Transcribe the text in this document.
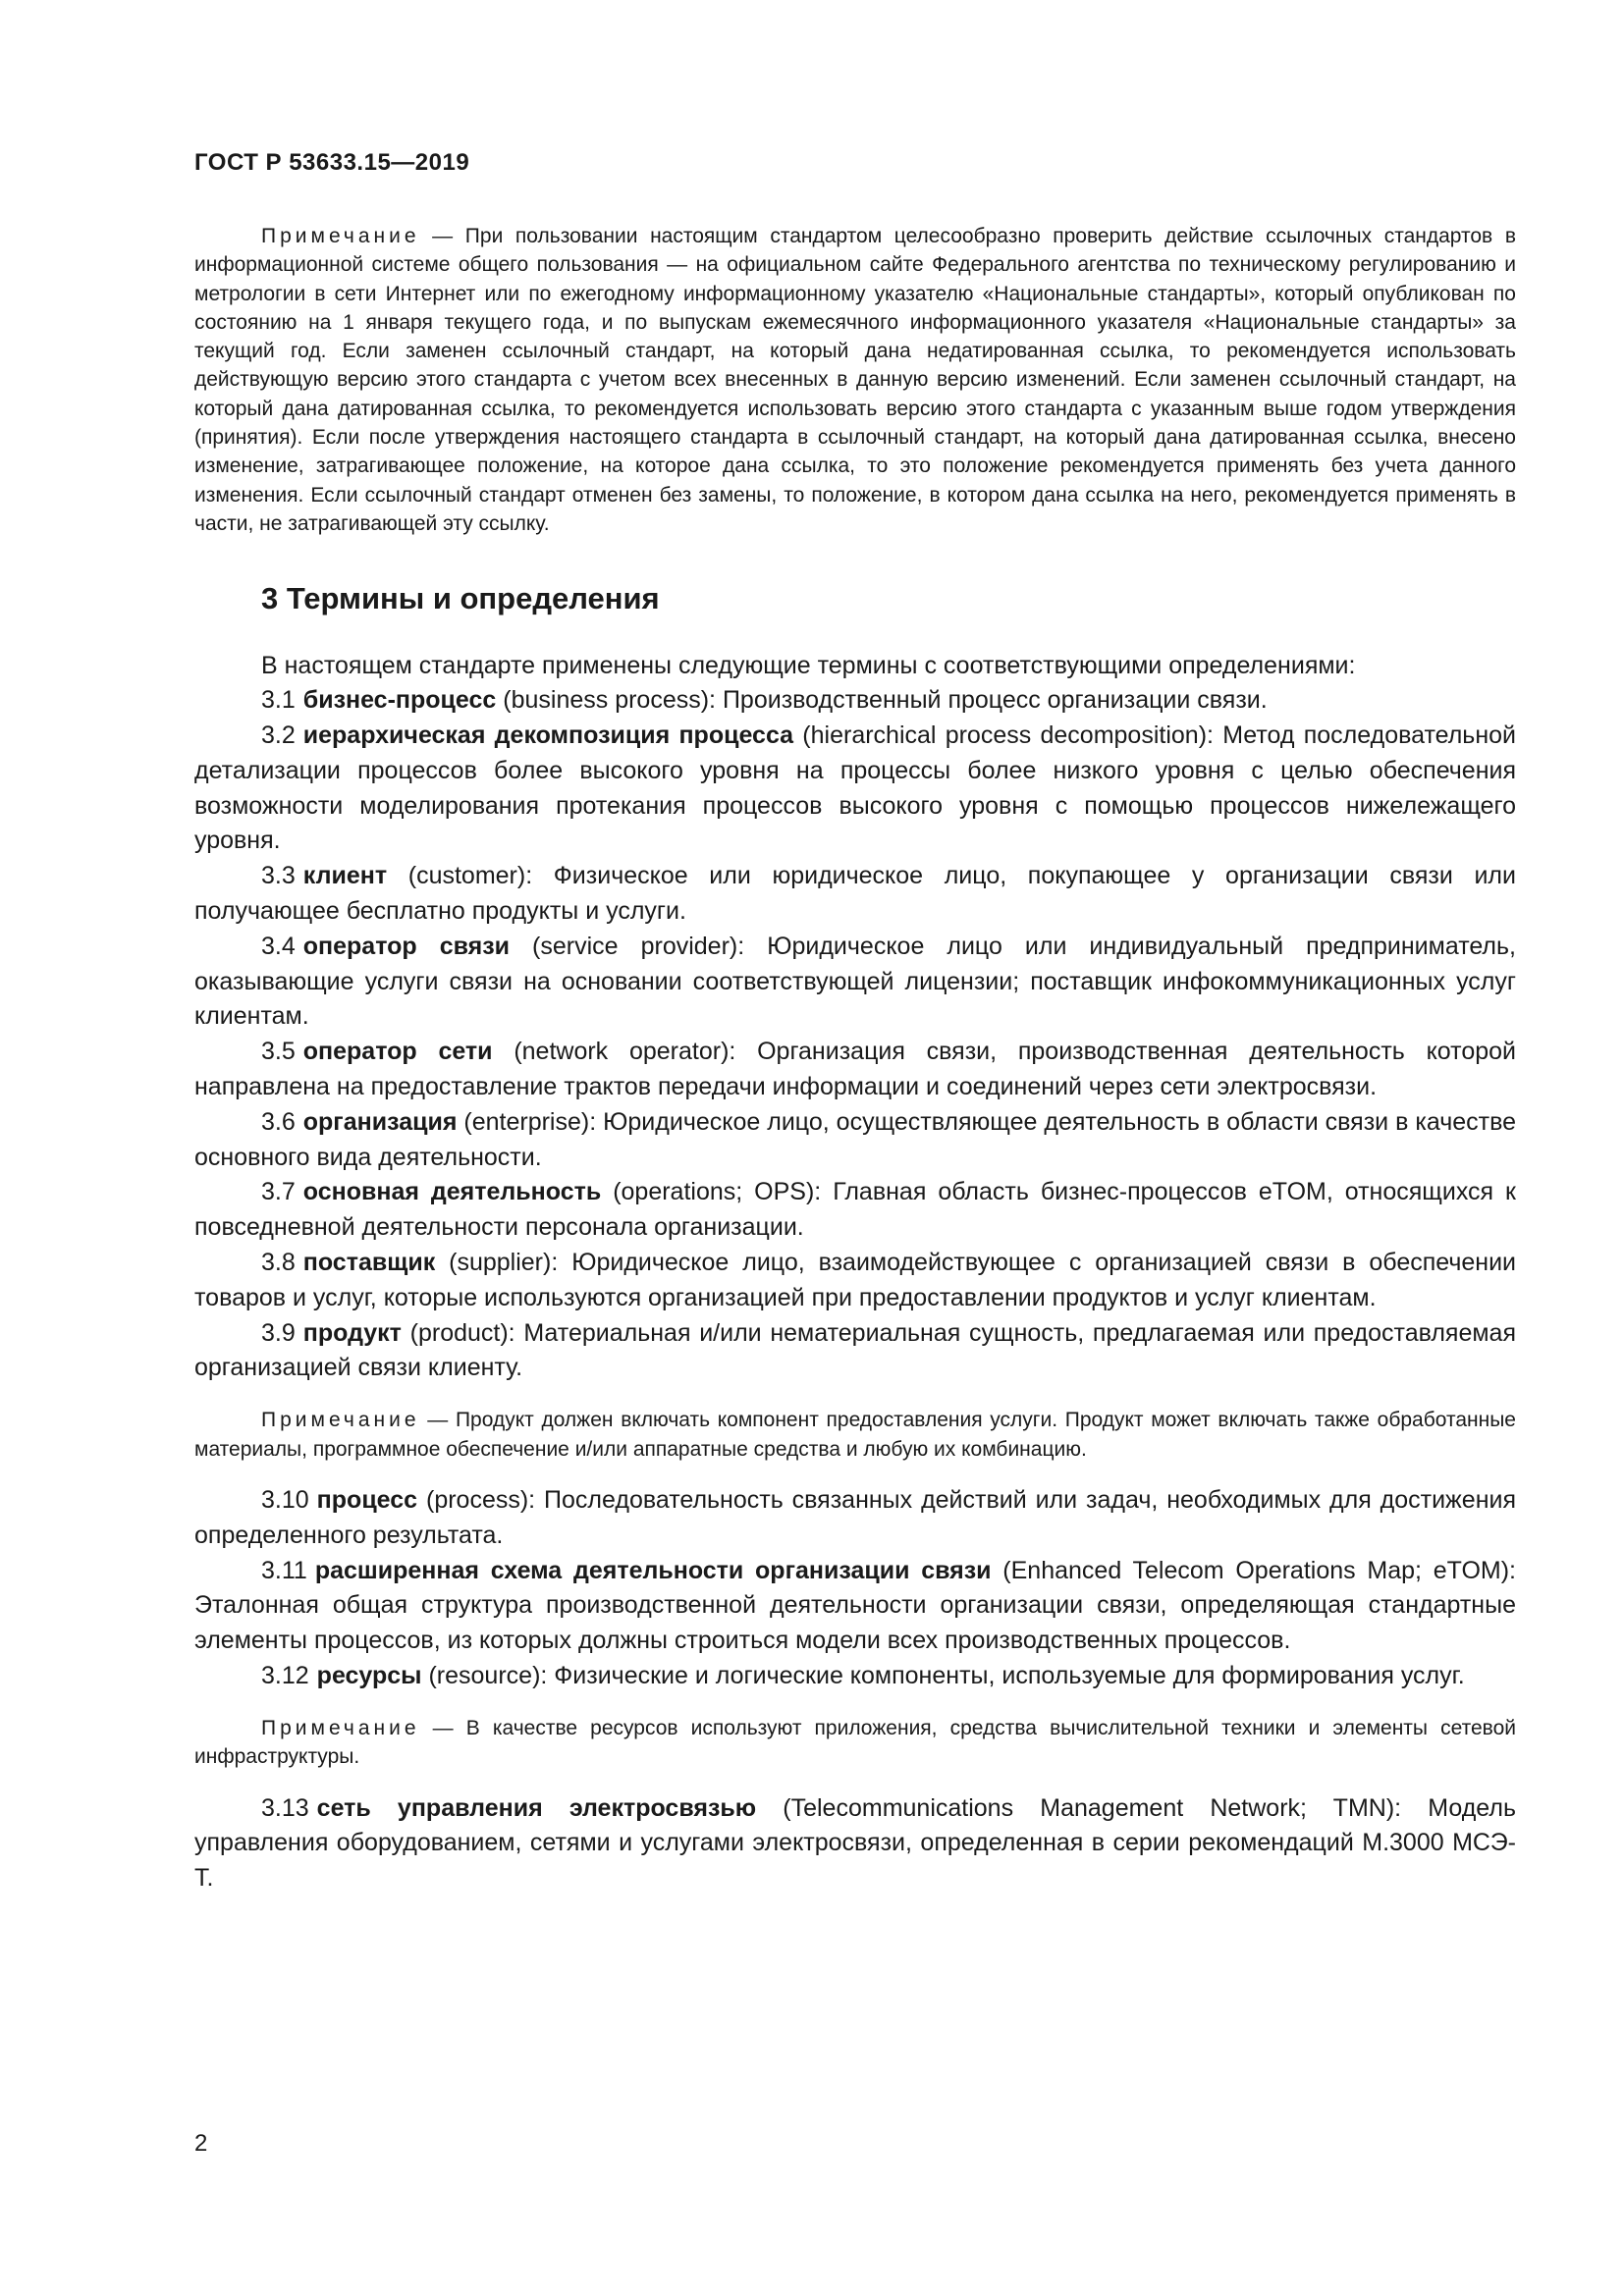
ГОСТ Р 53633.15—2019

Примечание — При пользовании настоящим стандартом целесообразно проверить действие ссылочных стандартов в информационной системе общего пользования — на официальном сайте Федерального агентства по техническому регулированию и метрологии в сети Интернет или по ежегодному информационному указателю «Национальные стандарты», который опубликован по состоянию на 1 января текущего года, и по выпускам ежемесячного информационного указателя «Национальные стандарты» за текущий год. Если заменен ссылочный стандарт, на который дана недатированная ссылка, то рекомендуется использовать действующую версию этого стандарта с учетом всех внесенных в данную версию изменений. Если заменен ссылочный стандарт, на который дана датированная ссылка, то рекомендуется использовать версию этого стандарта с указанным выше годом утверждения (принятия). Если после утверждения настоящего стандарта в ссылочный стандарт, на который дана датированная ссылка, внесено изменение, затрагивающее положение, на которое дана ссылка, то это положение рекомендуется применять без учета данного изменения. Если ссылочный стандарт отменен без замены, то положение, в котором дана ссылка на него, рекомендуется применять в части, не затрагивающей эту ссылку.

3 Термины и определения

В настоящем стандарте применены следующие термины с соответствующими определениями:

3.1 бизнес-процесс (business process): Производственный процесс организации связи.

3.2 иерархическая декомпозиция процесса (hierarchical process decomposition): Метод последовательной детализации процессов более высокого уровня на процессы более низкого уровня с целью обеспечения возможности моделирования протекания процессов высокого уровня с помощью процессов нижележащего уровня.

3.3 клиент (customer): Физическое или юридическое лицо, покупающее у организации связи или получающее бесплатно продукты и услуги.

3.4 оператор связи (service provider): Юридическое лицо или индивидуальный предприниматель, оказывающие услуги связи на основании соответствующей лицензии; поставщик инфокоммуникационных услуг клиентам.

3.5 оператор сети (network operator): Организация связи, производственная деятельность которой направлена на предоставление трактов передачи информации и соединений через сети электросвязи.

3.6 организация (enterprise): Юридическое лицо, осуществляющее деятельность в области связи в качестве основного вида деятельности.

3.7 основная деятельность (operations; OPS): Главная область бизнес-процессов eTOM, относящихся к повседневной деятельности персонала организации.

3.8 поставщик (supplier): Юридическое лицо, взаимодействующее с организацией связи в обеспечении товаров и услуг, которые используются организацией при предоставлении продуктов и услуг клиентам.

3.9 продукт (product): Материальная и/или нематериальная сущность, предлагаемая или предоставляемая организацией связи клиенту.

Примечание — Продукт должен включать компонент предоставления услуги. Продукт может включать также обработанные материалы, программное обеспечение и/или аппаратные средства и любую их комбинацию.

3.10 процесс (process): Последовательность связанных действий или задач, необходимых для достижения определенного результата.

3.11 расширенная схема деятельности организации связи (Enhanced Telecom Operations Map; eTOM): Эталонная общая структура производственной деятельности организации связи, определяющая стандартные элементы процессов, из которых должны строиться модели всех производственных процессов.

3.12 ресурсы (resource): Физические и логические компоненты, используемые для формирования услуг.

Примечание — В качестве ресурсов используют приложения, средства вычислительной техники и элементы сетевой инфраструктуры.

3.13 сеть управления электросвязью (Telecommunications Management Network; TMN): Модель управления оборудованием, сетями и услугами электросвязи, определенная в серии рекомендаций М.3000 МСЭ-Т.

2
